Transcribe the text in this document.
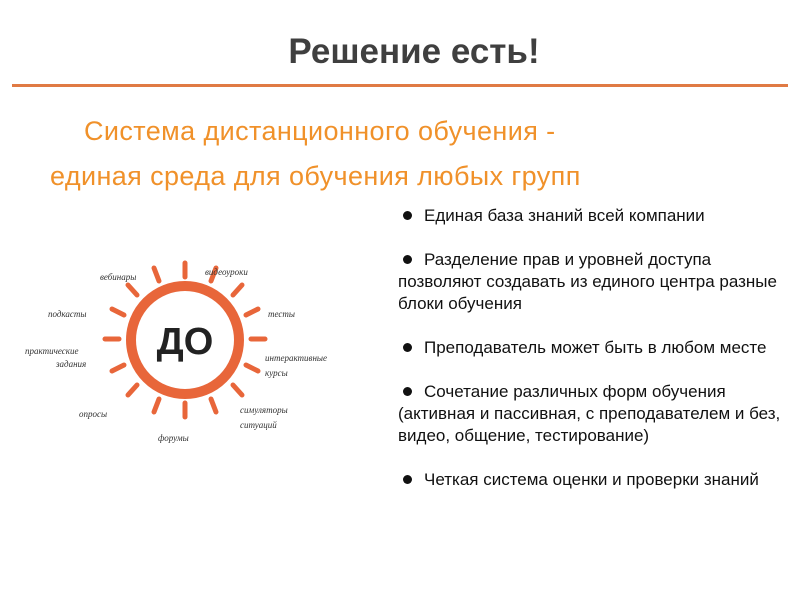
Решение есть!
Система дистанционного обучения -
единая среда для обучения любых групп
ДО
вебинары	видеоуроки
подкасты	тесты
практические
задания
интерактивные
курсы
опросы	симуляторы
ситуаций
форумы
Единая база знаний всей компании
Разделение прав и уровней доступа позволяют создавать из единого центра разные блоки обучения
Преподаватель может быть в любом месте
Сочетание различных форм обучения (активная и пассивная, с преподавателем и без, видео, общение, тестирование)
Четкая система оценки и проверки знаний
